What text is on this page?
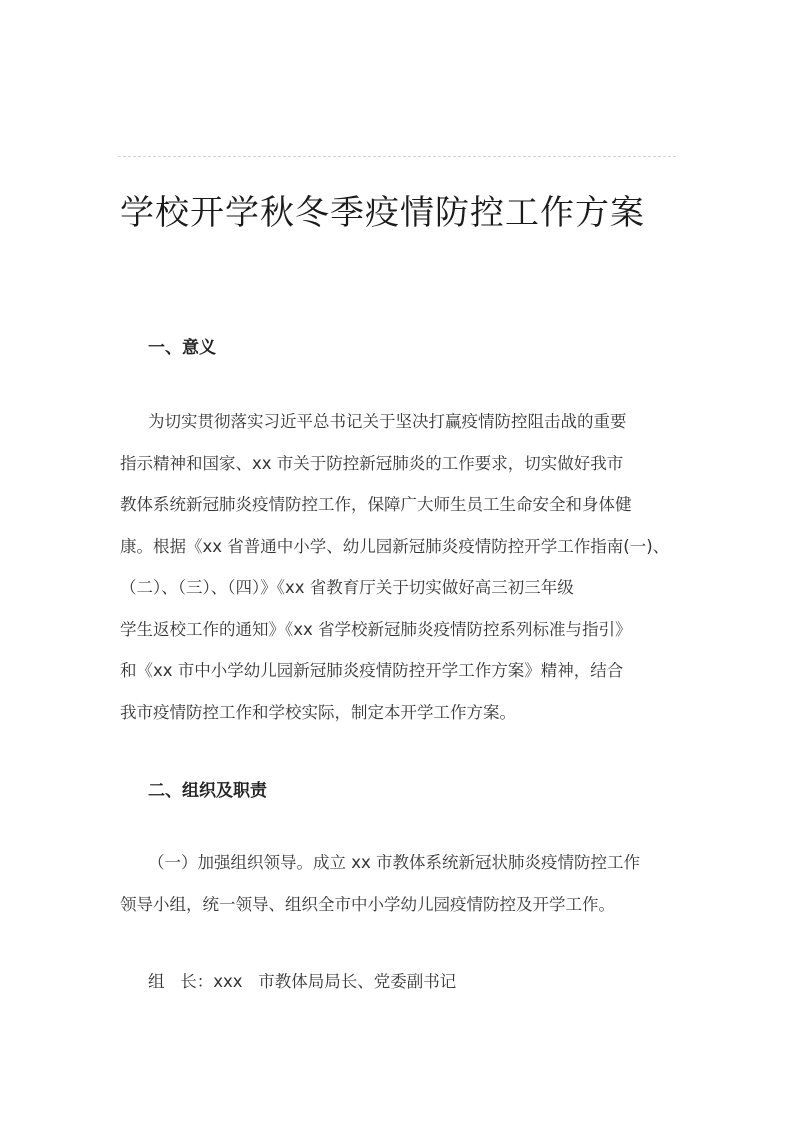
学校开学秋冬季疫情防控工作方案
一、意义

为切实贯彻落实习近平总书记关于坚决打赢疫情防控阻击战的重要
指示精神和国家、xx 市关于防控新冠肺炎的工作要求，切实做好我市
教体系统新冠肺炎疫情防控工作，保障广大师生员工生命安全和身体健
康。根据《xx 省普通中小学、幼儿园新冠肺炎疫情防控开学工作指南(一)、
（二）、（三）、（四）》《xx 省教育厅关于切实做好高三初三年级
学生返校工作的通知》《xx 省学校新冠肺炎疫情防控系列标准与指引》
和《xx 市中小学幼儿园新冠肺炎疫情防控开学工作方案》精神，结合
我市疫情防控工作和学校实际，制定本开学工作方案。

二、组织及职责

（一）加强组织领导。成立 xx 市教体系统新冠状肺炎疫情防控工作
领导小组，统一领导、组织全市中小学幼儿园疫情防控及开学工作。

组   长：xxx   市教体局局长、党委副书记
